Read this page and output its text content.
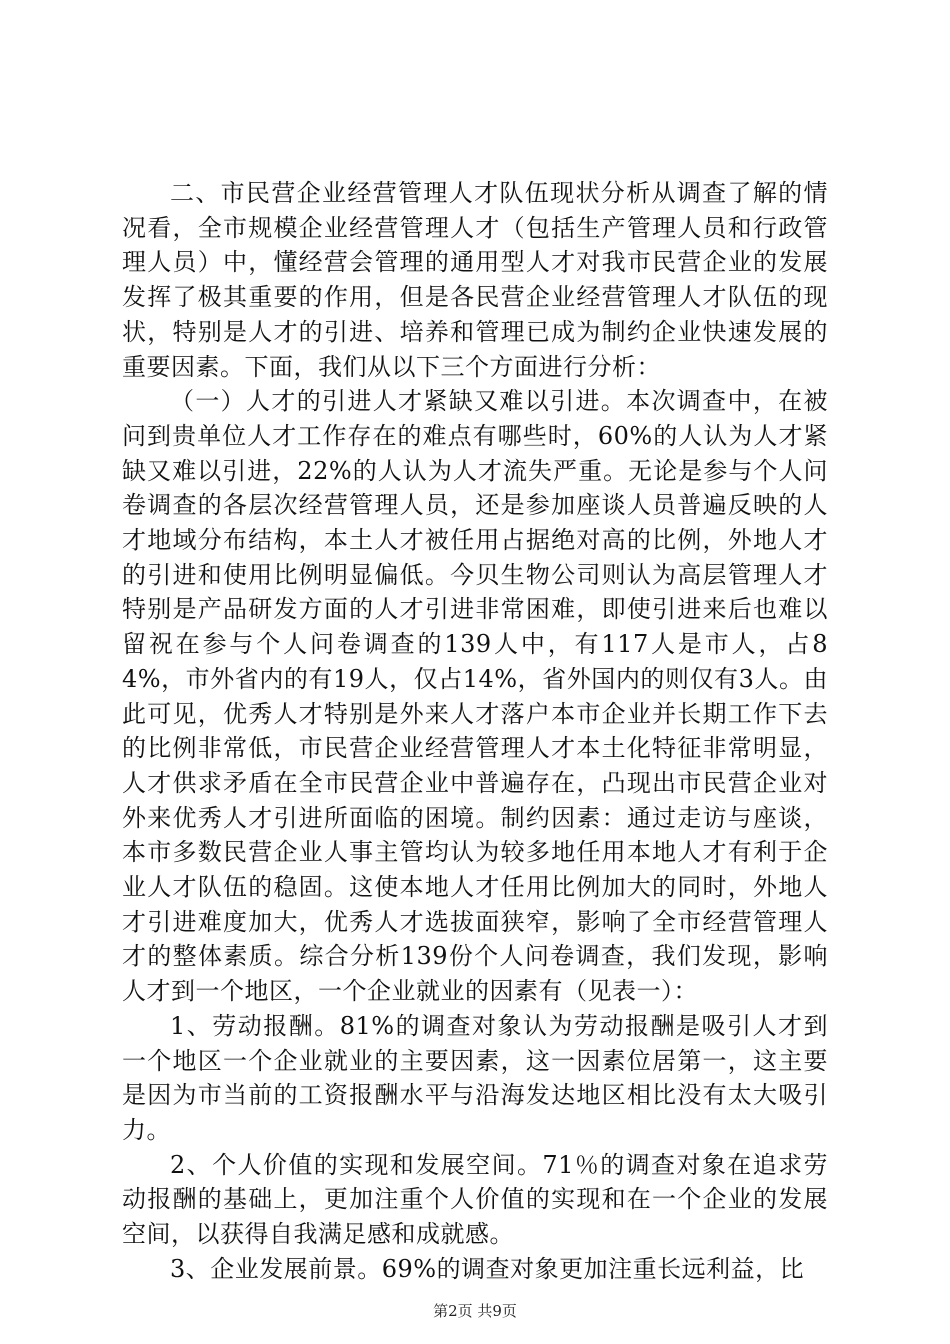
二、市民营企业经营管理人才队伍现状分析从调查了解的情况看，全市规模企业经营管理人才（包括生产管理人员和行政管理人员）中，懂经营会管理的通用型人才对我市民营企业的发展发挥了极其重要的作用，但是各民营企业经营管理人才队伍的现状，特别是人才的引进、培养和管理已成为制约企业快速发展的重要因素。下面，我们从以下三个方面进行分析：

（一）人才的引进人才紧缺又难以引进。本次调查中，在被问到贵单位人才工作存在的难点有哪些时，60%的人认为人才紧缺又难以引进，22%的人认为人才流失严重。无论是参与个人问卷调查的各层次经营管理人员，还是参加座谈人员普遍反映的人才地域分布结构，本土人才被任用占据绝对高的比例，外地人才的引进和使用比例明显偏低。今贝生物公司则认为高层管理人才特别是产品研发方面的人才引进非常困难，即使引进来后也难以留祝在参与个人问卷调查的139人中，有117人是市人，占84%，市外省内的有19人，仅占14%，省外国内的则仅有3人。由此可见，优秀人才特别是外来人才落户本市企业并长期工作下去的比例非常低，市民营企业经营管理人才本土化特征非常明显，人才供求矛盾在全市民营企业中普遍存在，凸现出市民营企业对外来优秀人才引进所面临的困境。制约因素：通过走访与座谈，本市多数民营企业人事主管均认为较多地任用本地人才有利于企业人才队伍的稳固。这使本地人才任用比例加大的同时，外地人才引进难度加大，优秀人才选拔面狭窄，影响了全市经营管理人才的整体素质。综合分析139份个人问卷调查，我们发现，影响人才到一个地区，一个企业就业的因素有（见表一）：

1、劳动报酬。81%的调查对象认为劳动报酬是吸引人才到一个地区一个企业就业的主要因素，这一因素位居第一，这主要是因为市当前的工资报酬水平与沿海发达地区相比没有太大吸引力。

2、个人价值的实现和发展空间。71％的调查对象在追求劳动报酬的基础上，更加注重个人价值的实现和在一个企业的发展空间，以获得自我满足感和成就感。

3、企业发展前景。69%的调查对象更加注重长远利益，比

第2页 共9页
